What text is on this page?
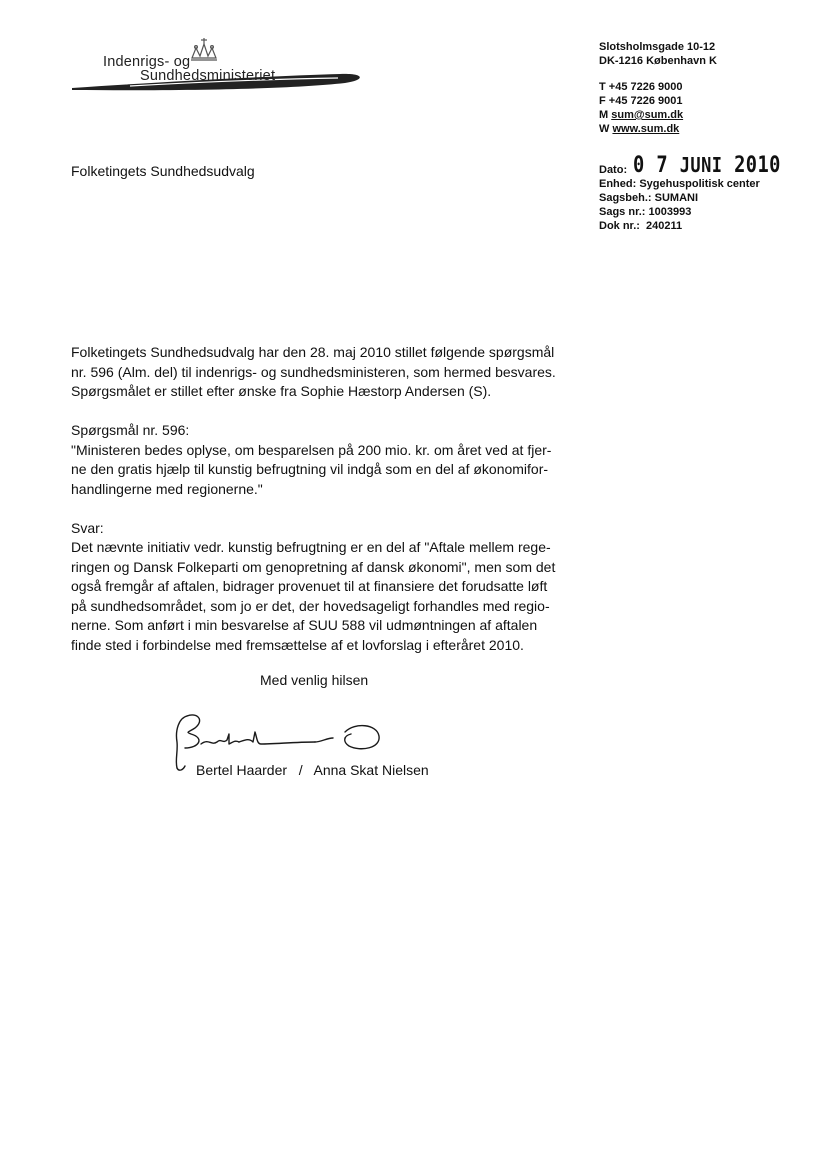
Indenrigs- og
Sundhedsministeriet
Slotsholmsgade 10-12
DK-1216 København K
T +45 7226 9000
F +45 7226 9001
M sum@sum.dk
W www.sum.dk
Folketingets Sundhedsudvalg	Dato: 0 7 JUNI 2010
Enhed: Sygehuspolitisk center
Sagsbeh.: SUMANI
Sags nr.: 1003993
Dok nr.:  240211

Folketingets Sundhedsudvalg har den 28. maj 2010 stillet følgende spørgsmål
nr. 596 (Alm. del) til indenrigs- og sundhedsministeren, som hermed besvares.
Spørgsmålet er stillet efter ønske fra Sophie Hæstorp Andersen (S).

Spørgsmål nr. 596:
"Ministeren bedes oplyse, om besparelsen på 200 mio. kr. om året ved at fjer-
ne den gratis hjælp til kunstig befrugtning vil indgå som en del af økonomifor-
handlingerne med regionerne."

Svar:
Det nævnte initiativ vedr. kunstig befrugtning er en del af "Aftale mellem rege-
ringen og Dansk Folkeparti om genopretning af dansk økonomi", men som det
også fremgår af aftalen, bidrager provenuet til at finansiere det forudsatte løft
på sundhedsområdet, som jo er det, der hovedsageligt forhandles med regio-
nerne. Som anført i min besvarelse af SUU 588 vil udmøntningen af aftalen
finde sted i forbindelse med fremsættelse af et lovforslag i efteråret 2010.

Med venlig hilsen
Bertel Haarder   /   Anna Skat Nielsen
